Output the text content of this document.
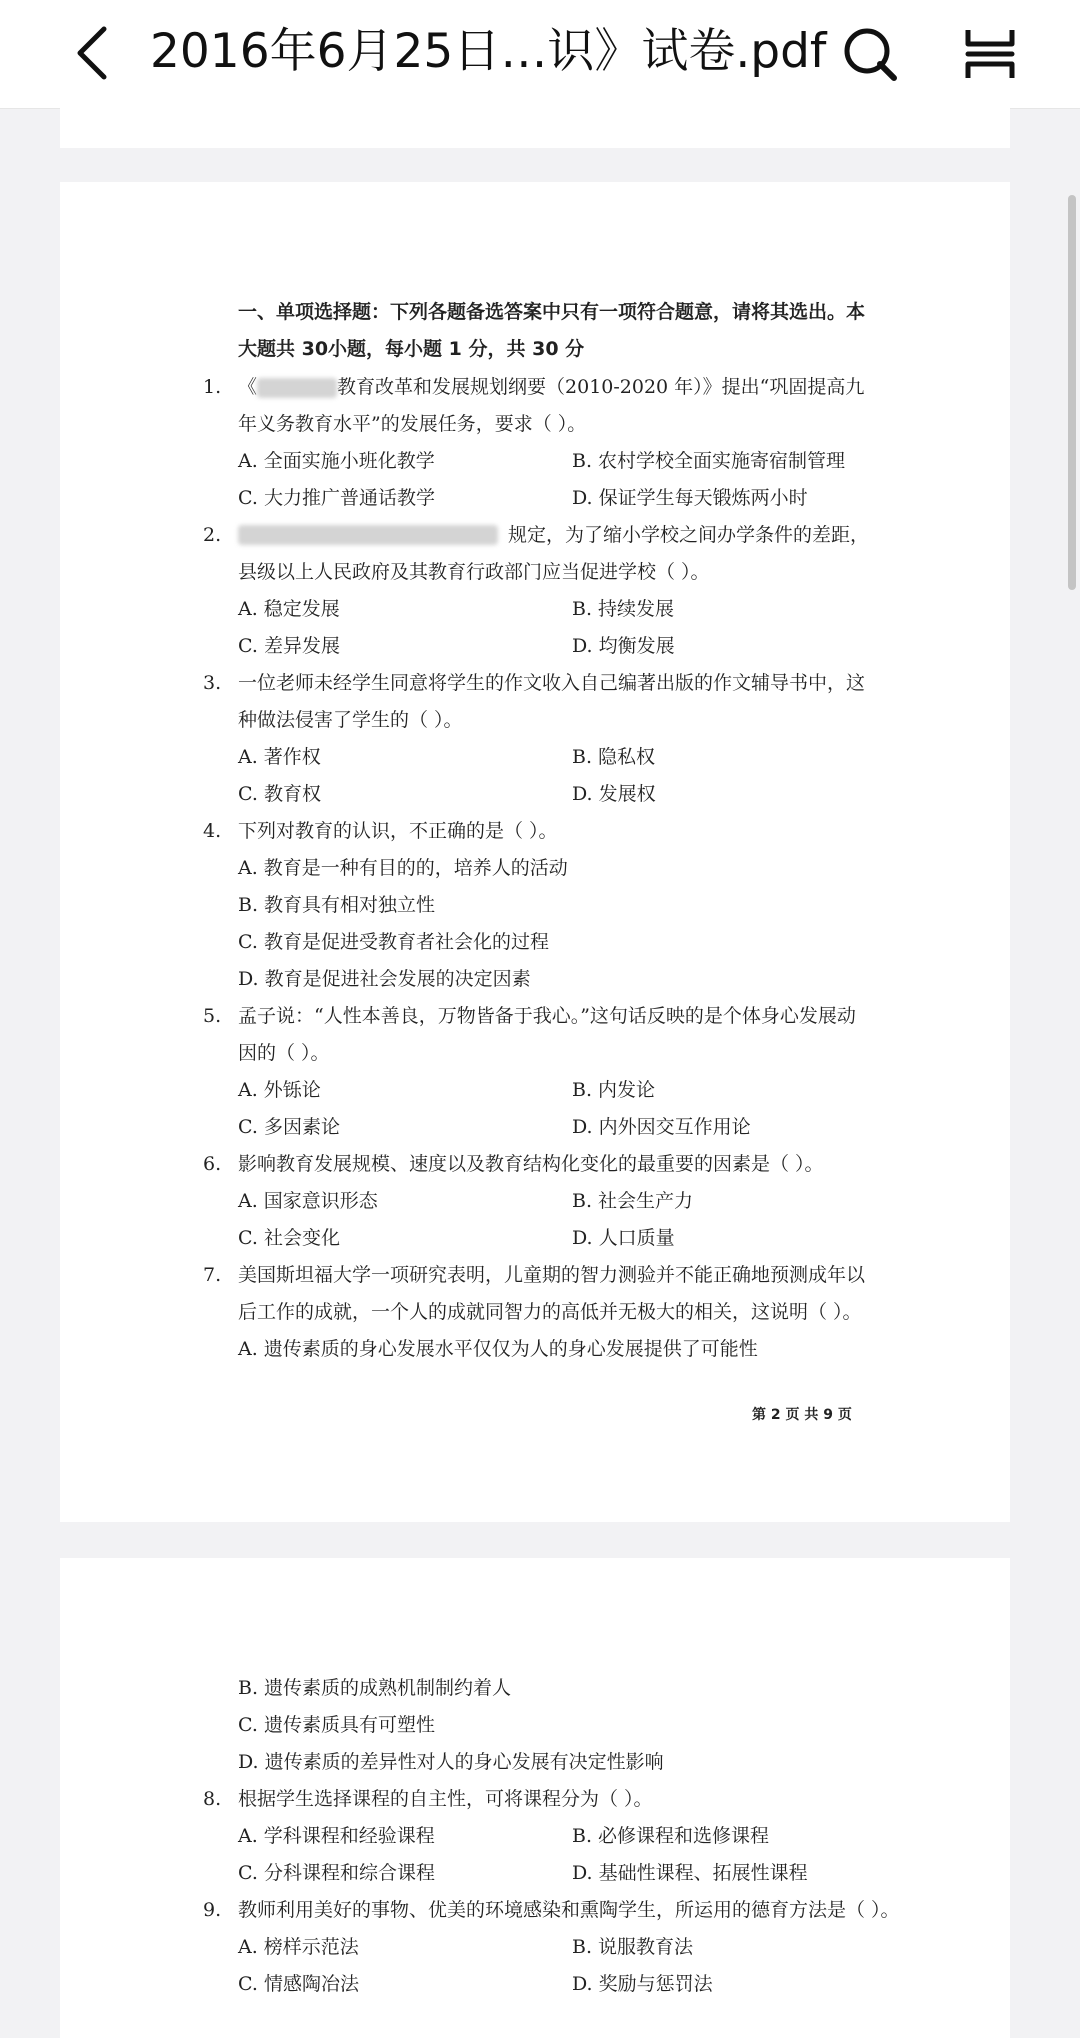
2016年6月25日…识》试卷.pdf
一、单项选择题：下列各题备选答案中只有一项符合题意，请将其选出。本
大题共 30小题，每小题 1 分，共 30 分
1. 《	教育改革和发展规划纲要（2010-2020 年）》提出“巩固提高九
年义务教育水平”的发展任务，要求（ ）。
A. 全面实施小班化教学	B. 农村学校全面实施寄宿制管理
C. 大力推广普通话教学	D. 保证学生每天锻炼两小时
2.	规定，为了缩小学校之间办学条件的差距，
县级以上人民政府及其教育行政部门应当促进学校（ ）。
A. 稳定发展	B. 持续发展
C. 差异发展	D. 均衡发展
3. 一位老师未经学生同意将学生的作文收入自己编著出版的作文辅导书中，这
种做法侵害了学生的（ ）。
A. 著作权	B. 隐私权
C. 教育权	D. 发展权
4. 下列对教育的认识，不正确的是（ ）。
A. 教育是一种有目的的，培养人的活动
B. 教育具有相对独立性
C. 教育是促进受教育者社会化的过程
D. 教育是促进社会发展的决定因素
5. 孟子说：“人性本善良，万物皆备于我心。”这句话反映的是个体身心发展动
因的（ ）。
A. 外铄论	B. 内发论
C. 多因素论	D. 内外因交互作用论
6. 影响教育发展规模、速度以及教育结构化变化的最重要的因素是（ ）。
A. 国家意识形态	B. 社会生产力
C. 社会变化	D. 人口质量
7. 美国斯坦福大学一项研究表明，儿童期的智力测验并不能正确地预测成年以
后工作的成就，一个人的成就同智力的高低并无极大的相关，这说明（ ）。
A. 遗传素质的身心发展水平仅仅为人的身心发展提供了可能性
第 2 页 共 9 页
B. 遗传素质的成熟机制制约着人
C. 遗传素质具有可塑性
D. 遗传素质的差异性对人的身心发展有决定性影响
8. 根据学生选择课程的自主性，可将课程分为（ ）。
A. 学科课程和经验课程	B. 必修课程和选修课程
C. 分科课程和综合课程	D. 基础性课程、拓展性课程
9. 教师利用美好的事物、优美的环境感染和熏陶学生，所运用的德育方法是（ ）。
A. 榜样示范法	B. 说服教育法
C. 情感陶冶法	D. 奖励与惩罚法
